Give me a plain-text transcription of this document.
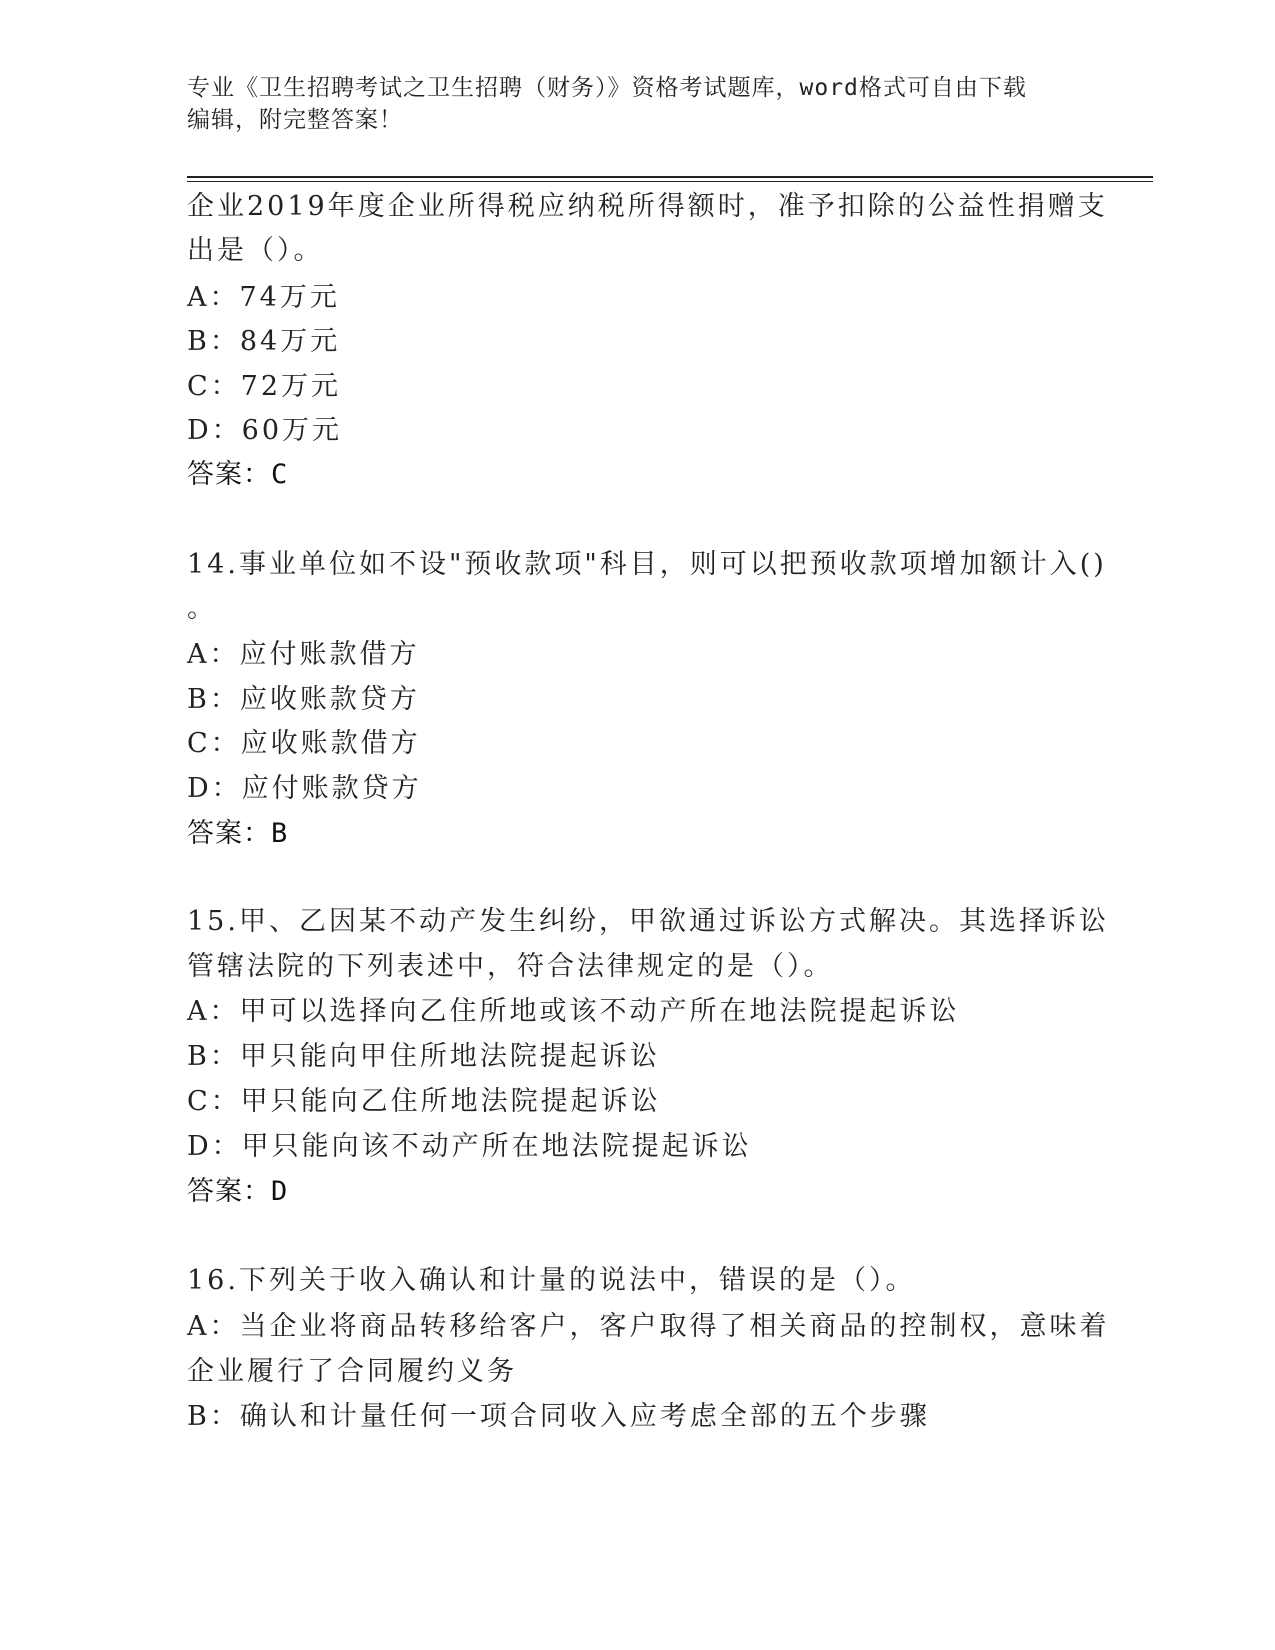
专业《卫生招聘考试之卫生招聘（财务）》资格考试题库，word格式可自由下载
编辑，附完整答案！
企业2019年度企业所得税应纳税所得额时，准予扣除的公益性捐赠支
出是（）。
A：74万元
B：84万元
C：72万元
D：60万元
答案：C
14.事业单位如不设"预收款项"科目，则可以把预收款项增加额计入()
。
A：应付账款借方
B：应收账款贷方
C：应收账款借方
D：应付账款贷方
答案：B
15.甲、乙因某不动产发生纠纷，甲欲通过诉讼方式解决。其选择诉讼
管辖法院的下列表述中，符合法律规定的是（）。
A：甲可以选择向乙住所地或该不动产所在地法院提起诉讼
B：甲只能向甲住所地法院提起诉讼
C：甲只能向乙住所地法院提起诉讼
D：甲只能向该不动产所在地法院提起诉讼
答案：D
16.下列关于收入确认和计量的说法中，错误的是（）。
A：当企业将商品转移给客户，客户取得了相关商品的控制权，意味着
企业履行了合同履约义务
B：确认和计量任何一项合同收入应考虑全部的五个步骤
